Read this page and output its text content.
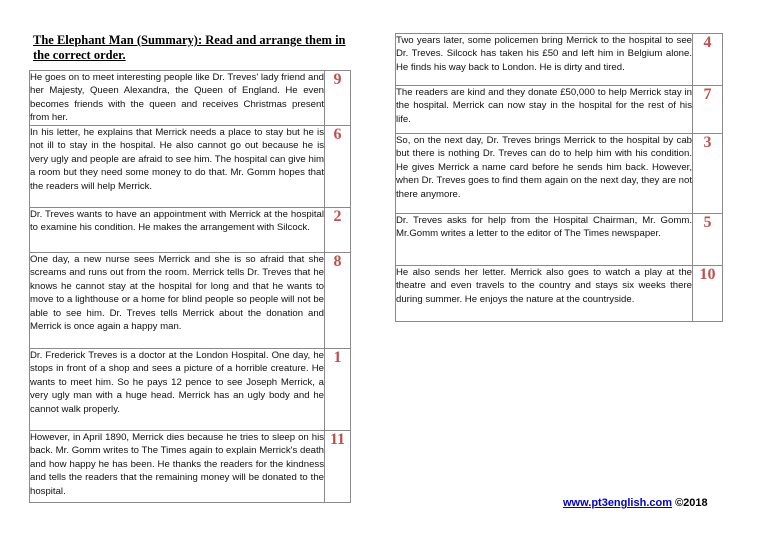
The Elephant Man (Summary): Read and arrange them in the correct order.
He goes on to meet interesting people like Dr. Treves' lady friend and her Majesty, Queen Alexandra, the Queen of England. He even becomes friends with the queen and receives Christmas present from her.	9
In his letter, he explains that Merrick needs a place to stay but he is not ill to stay in the hospital. He also cannot go out because he is very ugly and people are afraid to see him. The hospital can give him a room but they need some money to do that. Mr. Gomm hopes that the readers will help Merrick.	6
Dr. Treves wants to have an appointment with Merrick at the hospital to examine his condition. He makes the arrangement with Silcock.	2
One day, a new nurse sees Merrick and she is so afraid that she screams and runs out from the room. Merrick tells Dr. Treves that he knows he cannot stay at the hospital for long and that he wants to move to a lighthouse or a home for blind people so people will not be able to see him. Dr. Treves tells Merrick about the donation and Merrick is once again a happy man.	8
Dr. Frederick Treves is a doctor at the London Hospital. One day, he stops in front of a shop and sees a picture of a horrible creature. He wants to meet him. So he pays 12 pence to see Joseph Merrick, a very ugly man with a huge head. Merrick has an ugly body and he cannot walk properly.	1
However, in April 1890, Merrick dies because he tries to sleep on his back. Mr. Gomm writes to The Times again to explain Merrick's death and how happy he has been. He thanks the readers for the kindness and tells the readers that the remaining money will be donated to the hospital.	11
Two years later, some policemen bring Merrick to the hospital to see Dr. Treves. Silcock has taken his £50 and left him in Belgium alone. He finds his way back to London. He is dirty and tired.	4
The readers are kind and they donate £50,000 to help Merrick stay in the hospital. Merrick can now stay in the hospital for the rest of his life.	7
So, on the next day, Dr. Treves brings Merrick to the hospital by cab but there is nothing Dr. Treves can do to help him with his condition. He gives Merrick a name card before he sends him back. However, when Dr. Treves goes to find them again on the next day, they are not there anymore.	3
Dr. Treves asks for help from the Hospital Chairman, Mr. Gomm. Mr.Gomm writes a letter to the editor of The Times newspaper.	5
He also sends her letter. Merrick also goes to watch a play at the theatre and even travels to the country and stays six weeks there during summer. He enjoys the nature at the countryside.	10
www.pt3english.com ©2018
